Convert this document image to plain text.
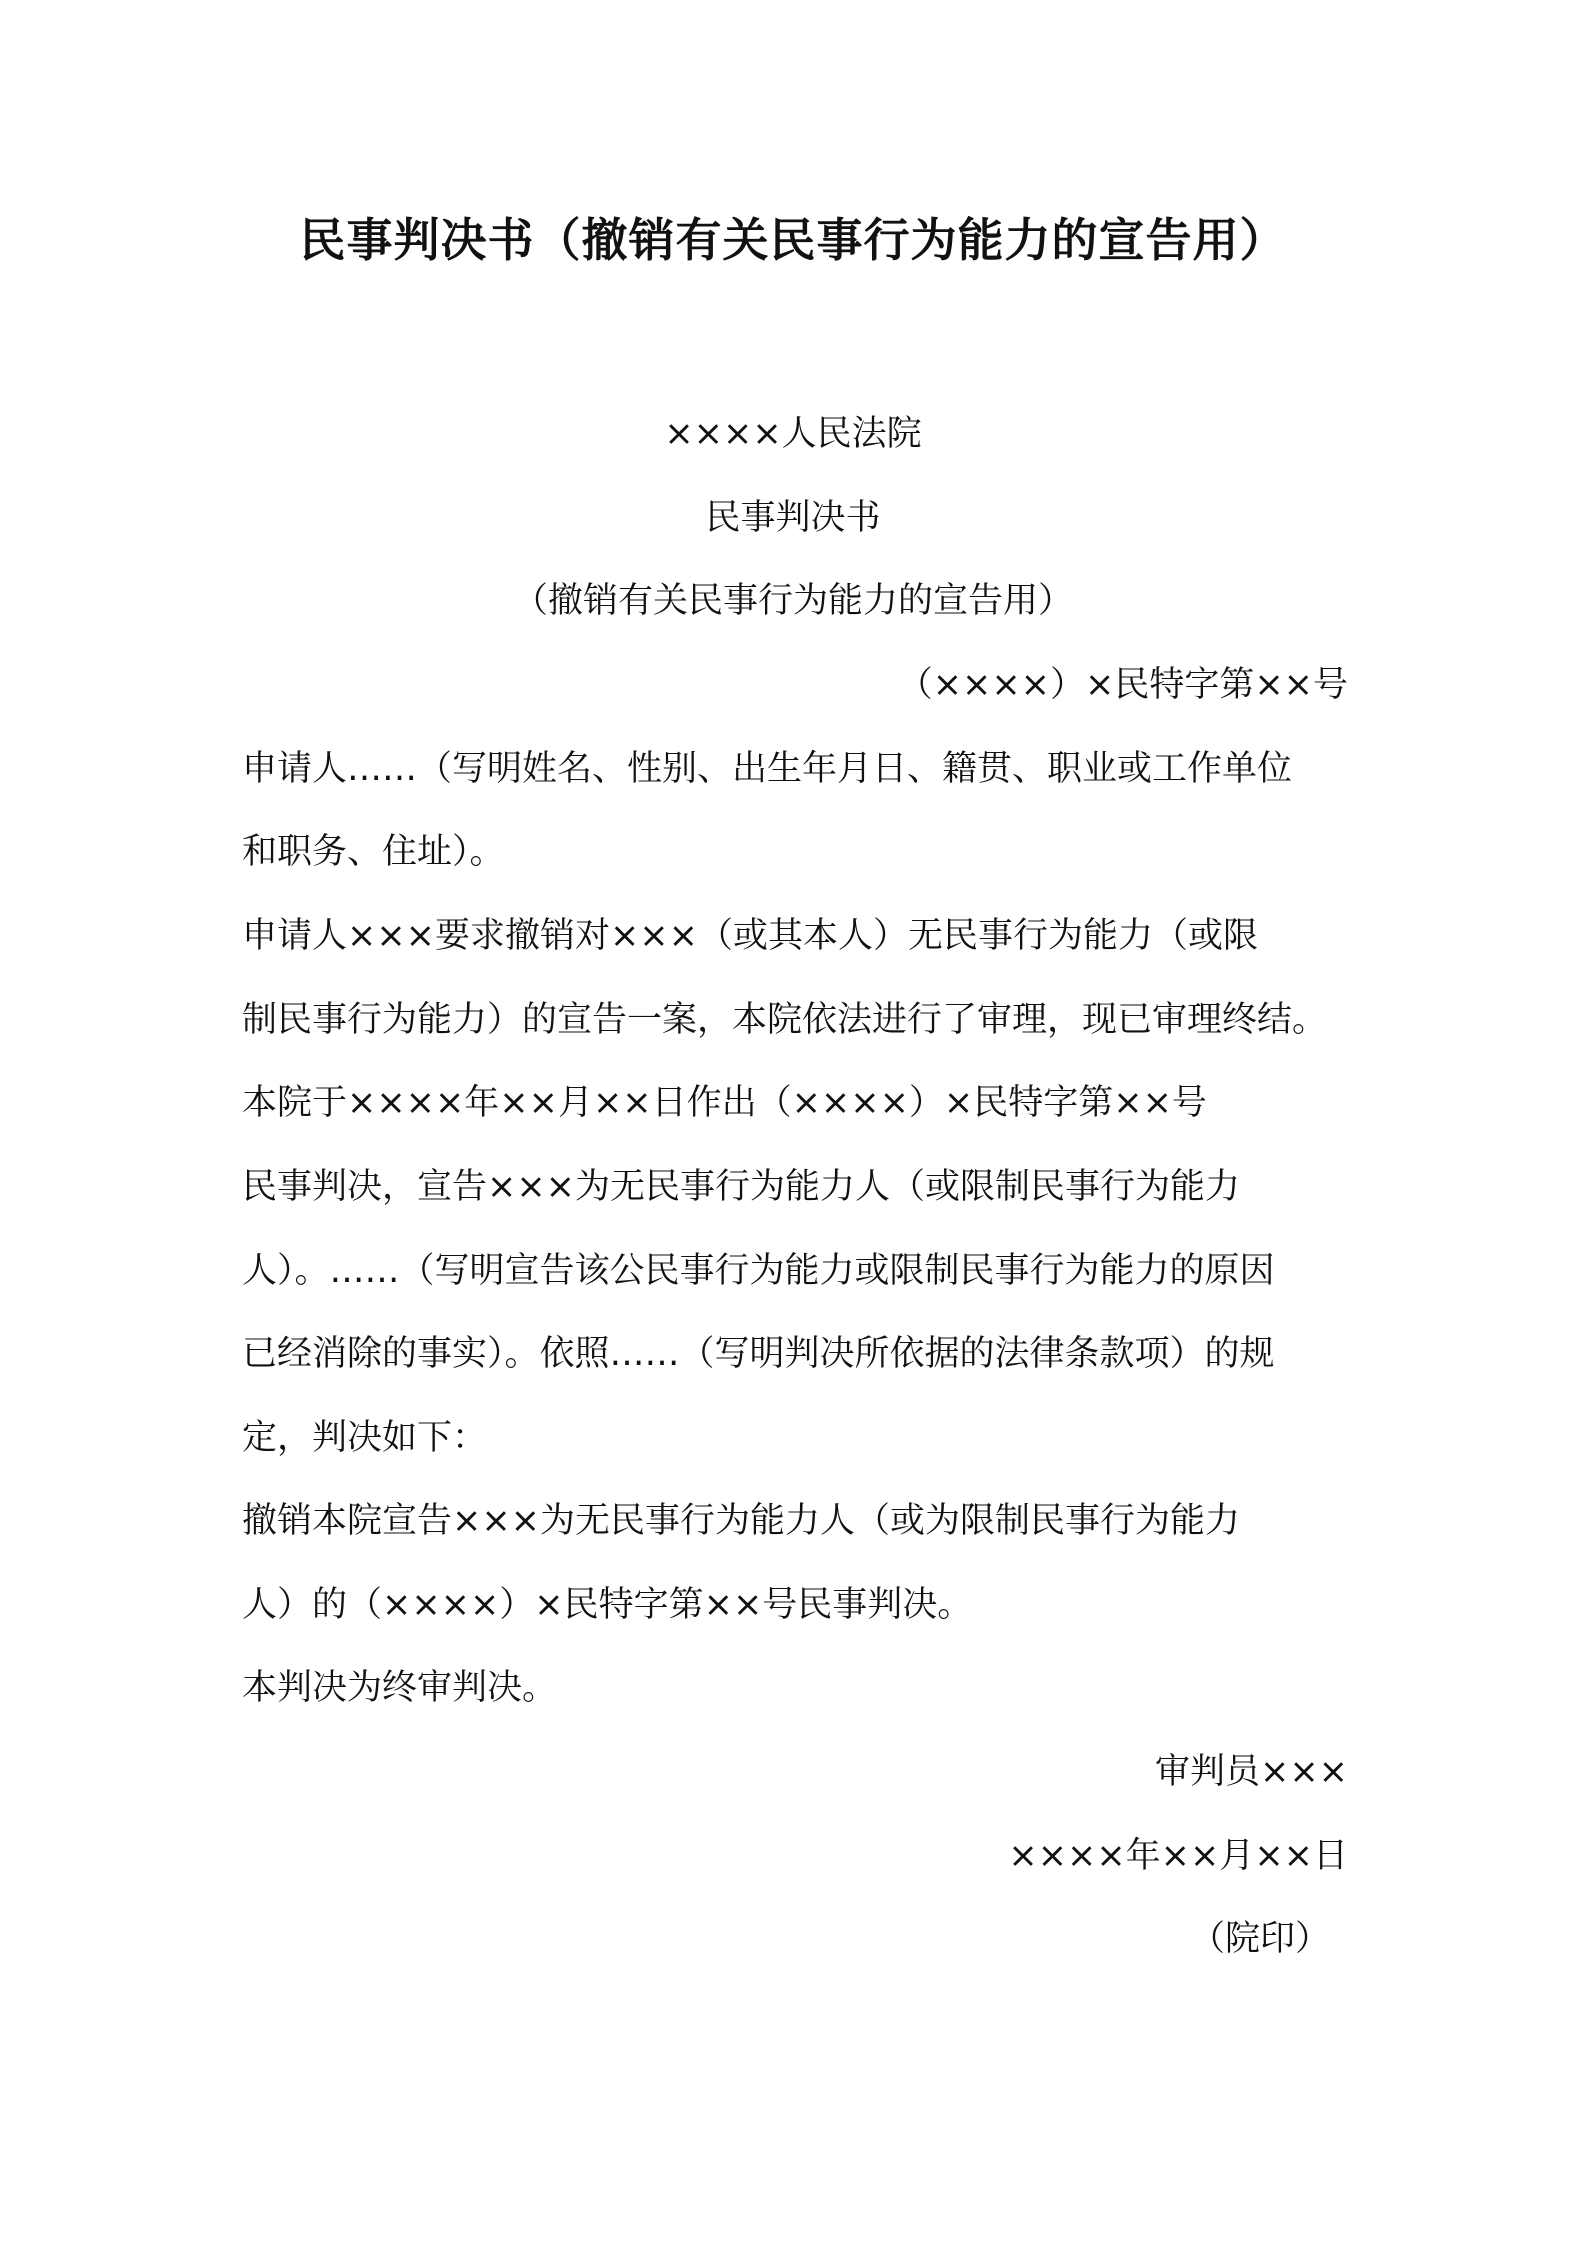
民事判决书（撤销有关民事行为能力的宣告用）
××××人民法院
民事判决书
（撤销有关民事行为能力的宣告用）
（××××）×民特字第××号
申请人……（写明姓名、性别、出生年月日、籍贯、职业或工作单位
和职务、住址）。
申请人×××要求撤销对×××（或其本人）无民事行为能力（或限
制民事行为能力）的宣告一案，本院依法进行了审理，现已审理终结。
本院于××××年××月××日作出（××××）×民特字第××号
民事判决，宣告×××为无民事行为能力人（或限制民事行为能力
人）。……（写明宣告该公民事行为能力或限制民事行为能力的原因
已经消除的事实）。依照……（写明判决所依据的法律条款项）的规
定，判决如下：
撤销本院宣告×××为无民事行为能力人（或为限制民事行为能力
人）的（××××）×民特字第××号民事判决。
本判决为终审判决。
审判员×××
××××年××月××日
（院印）
